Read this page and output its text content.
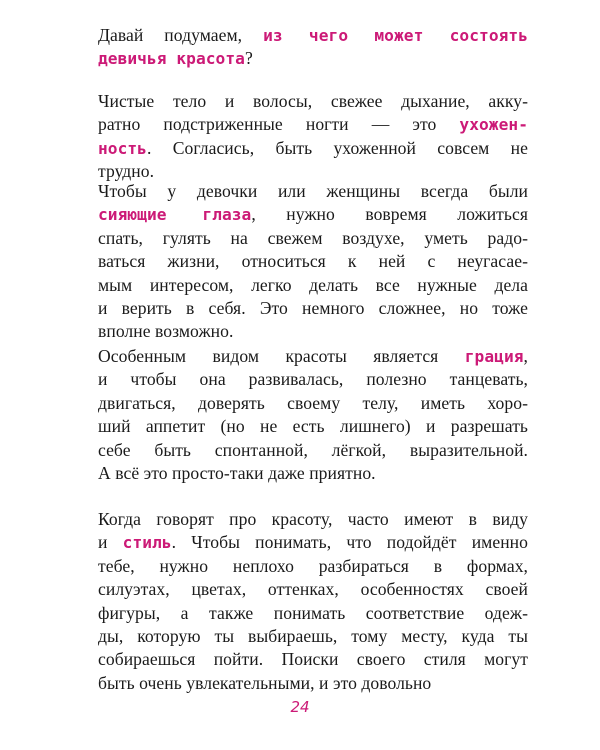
Давай подумаем, из чего может состоять
девичья красота?

Чистые тело и волосы, свежее дыхание, акку-
ратно подстриженные ногти — это ухожен-
ность. Согласись, быть ухоженной совсем не
трудно.

Чтобы у девочки или женщины всегда были
сияющие глаза, нужно вовремя ложиться
спать, гулять на свежем воздухе, уметь радо-
ваться жизни, относиться к ней с неугасае-
мым интересом, легко делать все нужные дела
и верить в себя. Это немного сложнее, но тоже
вполне возможно.

Особенным видом красоты является грация,
и чтобы она развивалась, полезно танцевать,
двигаться, доверять своему телу, иметь хоро-
ший аппетит (но не есть лишнего) и разрешать
себе быть спонтанной, лёгкой, выразительной.
А всё это просто-таки даже приятно.

Когда говорят про красоту, часто имеют в виду
и стиль. Чтобы понимать, что подойдёт именно
тебе, нужно неплохо разбираться в формах,
силуэтах, цветах, оттенках, особенностях своей
фигуры, а также понимать соответствие одеж-
ды, которую ты выбираешь, тому месту, куда ты
собираешься пойти. Поиски своего стиля могут
быть очень увлекательными, и это довольно

24
